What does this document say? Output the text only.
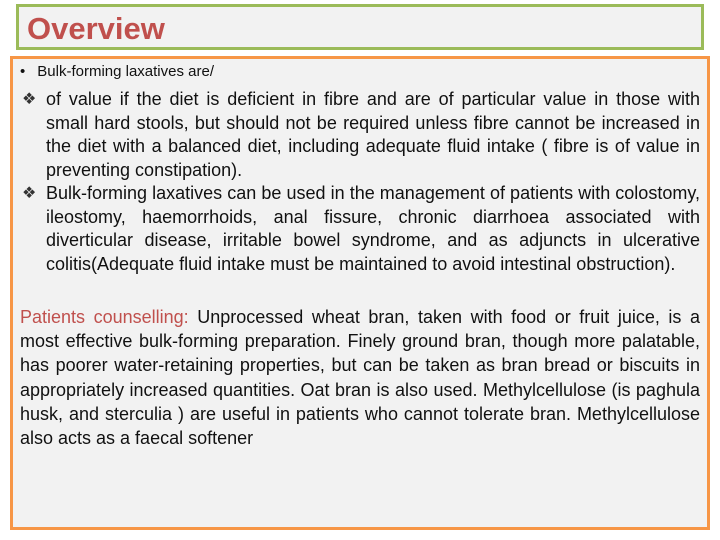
Overview
• Bulk-forming laxatives are/
❖ of value if the diet is deficient in fibre and are of particular value in those with small hard stools, but should not be required unless fibre cannot be increased in the diet with a balanced diet, including adequate fluid intake ( fibre is of value in preventing constipation).
❖ Bulk-forming laxatives can be used in the management of patients with colostomy, ileostomy, haemorrhoids, anal fissure, chronic diarrhoea associated with diverticular disease, irritable bowel syndrome, and as adjuncts in ulcerative colitis(Adequate fluid intake must be maintained to avoid intestinal obstruction).
Patients counselling: Unprocessed wheat bran, taken with food or fruit juice, is a most effective bulk-forming preparation. Finely ground bran, though more palatable, has poorer water-retaining properties, but can be taken as bran bread or biscuits in appropriately increased quantities. Oat bran is also used. Methylcellulose (is paghula husk, and sterculia ) are useful in patients who cannot tolerate bran. Methylcellulose also acts as a faecal softener
